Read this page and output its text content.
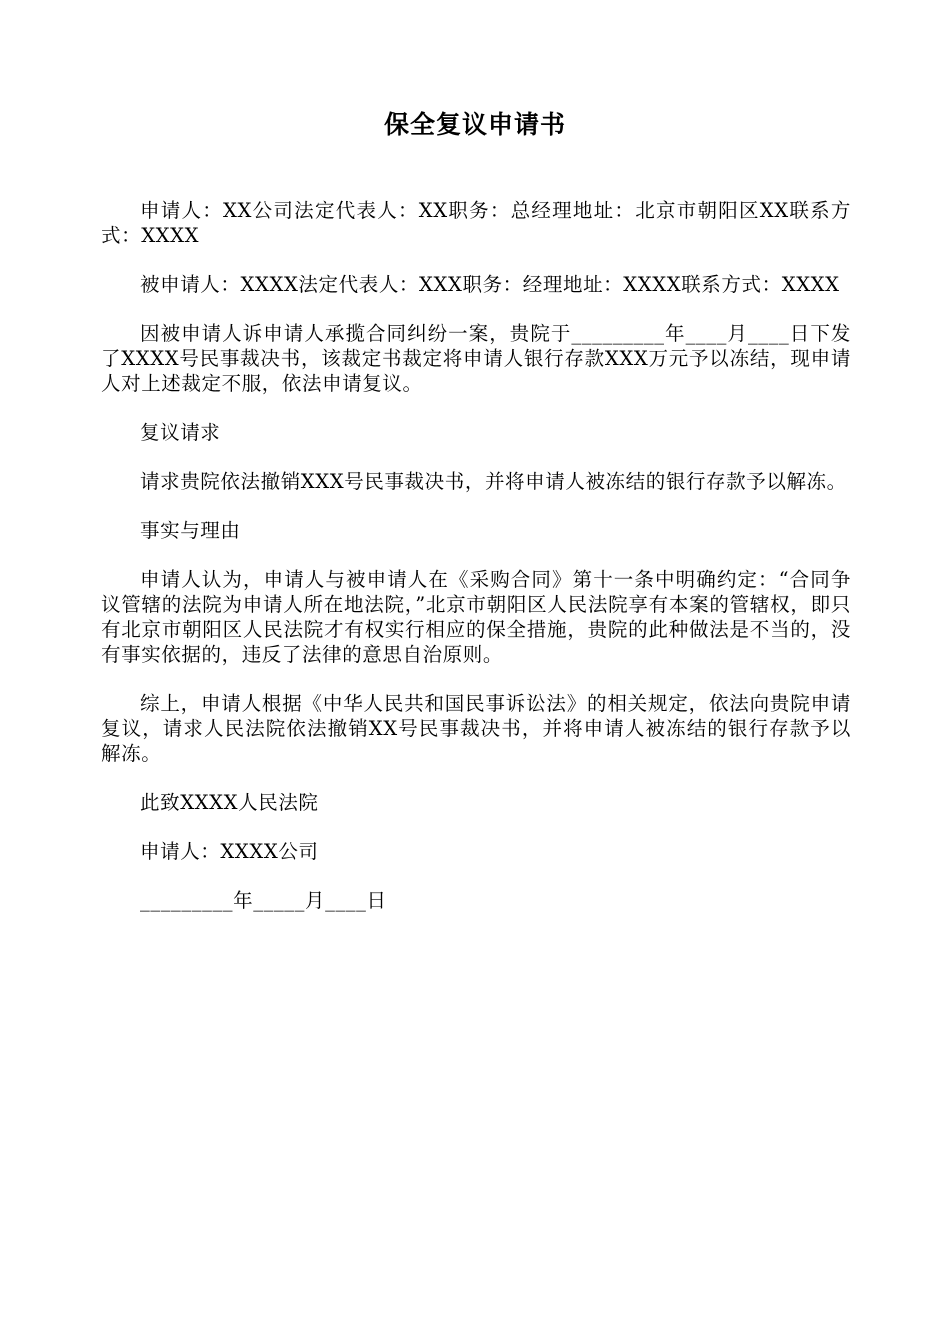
保全复议申请书

申请人：XX公司法定代表人：XX职务：总经理地址：北京市朝阳区XX联系方式：XXXX

被申请人：XXXX法定代表人：XXX职务：经理地址：XXXX联系方式：XXXX

因被申请人诉申请人承揽合同纠纷一案，贵院于_________年____月____日下发了XXXX号民事裁决书，该裁定书裁定将申请人银行存款XXX万元予以冻结，现申请人对上述裁定不服，依法申请复议。

复议请求

请求贵院依法撤销XXX号民事裁决书，并将申请人被冻结的银行存款予以解冻。

事实与理由

申请人认为，申请人与被申请人在《采购合同》第十一条中明确约定：“合同争议管辖的法院为申请人所在地法院，”北京市朝阳区人民法院享有本案的管辖权，即只有北京市朝阳区人民法院才有权实行相应的保全措施，贵院的此种做法是不当的，没有事实依据的，违反了法律的意思自治原则。

综上，申请人根据《中华人民共和国民事诉讼法》的相关规定，依法向贵院申请复议，请求人民法院依法撤销XX号民事裁决书，并将申请人被冻结的银行存款予以解冻。

此致XXXX人民法院

申请人：XXXX公司

_________年_____月____日
